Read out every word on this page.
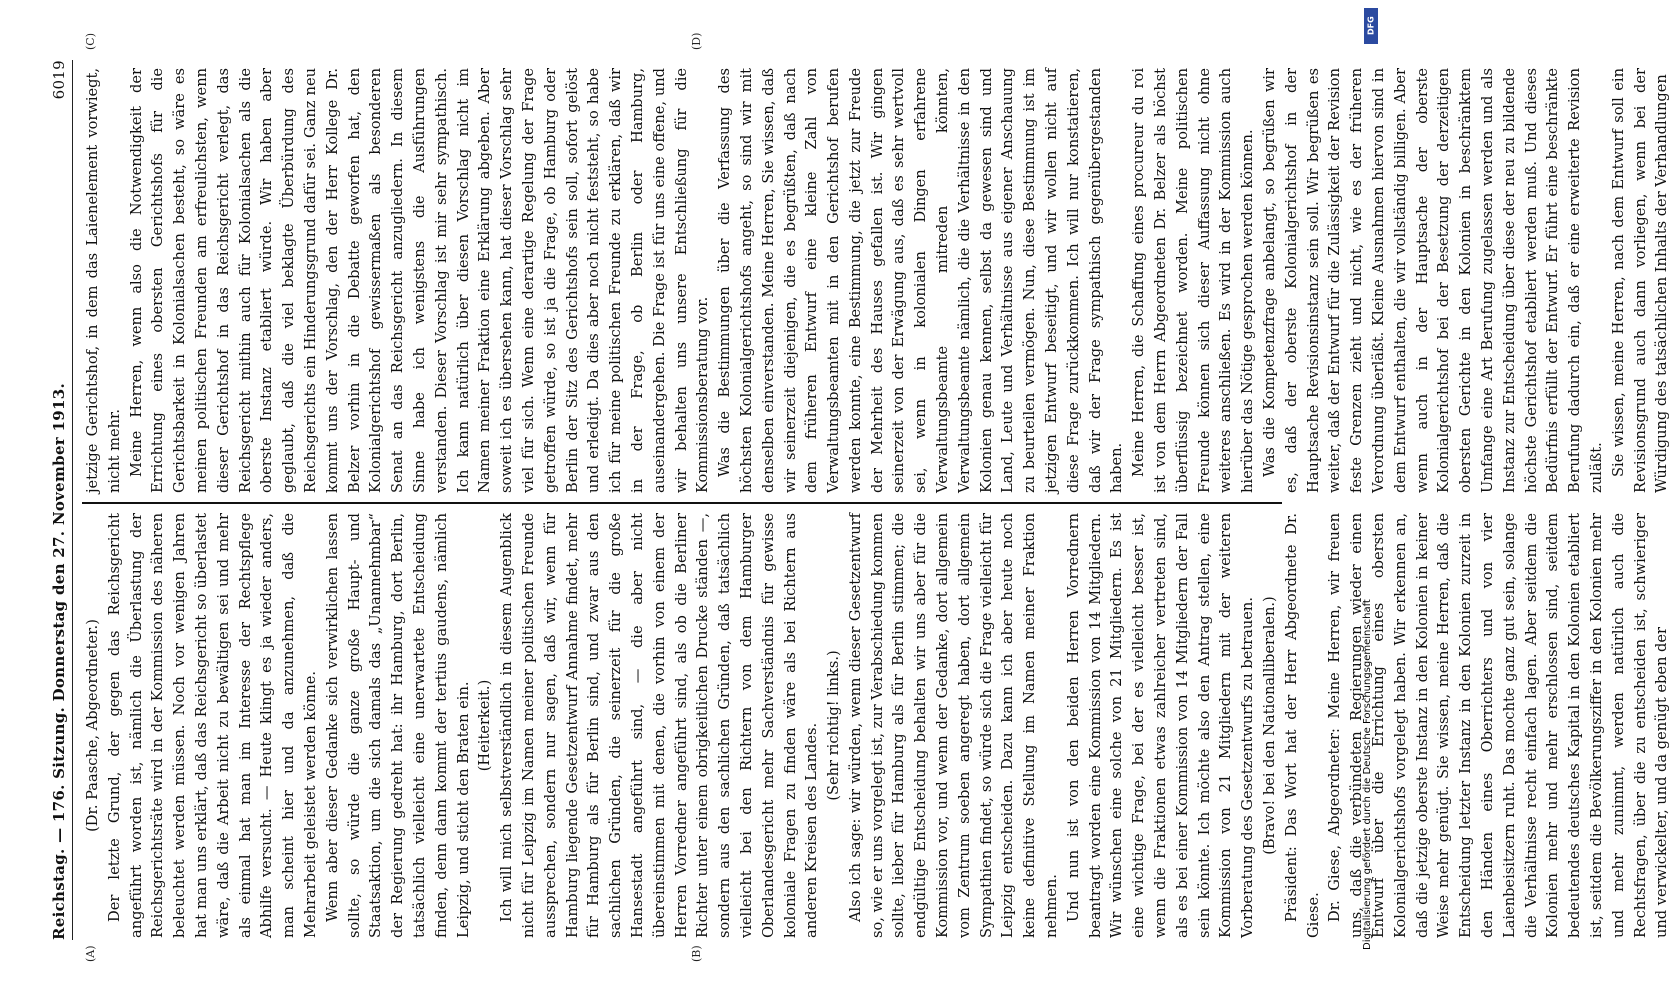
Reichstag. — 176. Sitzung. Donnerstag den 27. November 1913.
6019
(A)	(B)
(C)	(D)

(Dr. Paasche, Abgeordneter.) Der letzte Grund, der gegen das Reichsgericht angeführt worden ist, nämlich die Überlastung der Reichsgerichtsräte wird in der Kommission des näheren beleuchtet werden müssen. Noch vor wenigen Jahren hat man uns erklärt, daß das Reichsgericht so überlastet wäre, daß die Arbeit nicht zu bewältigen sei und mehr als einmal hat man im Interesse der Rechtspflege Abhilfe versucht. — Heute klingt es ja wieder anders, man scheint hier und da anzunehmen, daß die Mehrarbeit geleistet werden könne. Wenn aber dieser Gedanke sich verwirklichen lassen sollte, so würde die ganze große Haupt- und Staatsaktion, um die sich damals das „Unannehmbar“ der Regierung gedreht hat: ihr Hamburg, dort Berlin, tatsächlich vielleicht eine unerwartete Entscheidung finden, denn dann kommt der tertius gaudens, nämlich Leipzig, und sticht den Braten ein. (Heiterkeit.) Ich will mich selbstverständlich in diesem Augenblick nicht für Leipzig im Namen meiner politischen Freunde aussprechen, sondern nur sagen, daß wir, wenn für Hamburg liegende Gesetzentwurf Annahme findet, mehr für Hamburg als für Berlin sind, und zwar aus den sachlichen Gründen, die seinerzeit für die große Hansestadt angeführt sind, — die aber nicht übereinstimmen mit denen, die vorhin von einem der Herren Vorredner angeführt sind, als ob die Berliner Richter unter einem obrigkeitlichen Drucke ständen —, sondern aus den sachlichen Gründen, daß tatsächlich vielleicht bei den Richtern von dem Hamburger Oberlandesgericht mehr Sachverständnis für gewisse koloniale Fragen zu finden wäre als bei Richtern aus anderen Kreisen des Landes. (Sehr richtig! links.) Also ich sage: wir würden, wenn dieser Gesetzentwurf so, wie er uns vorgelegt ist, zur Verabschiedung kommen sollte, lieber für Hamburg als für Berlin stimmen; die endgültige Entscheidung behalten wir uns aber für die Kommission vor, und wenn der Gedanke, dort allgemein vom Zentrum soeben angeregt haben, dort allgemein Sympathien findet, so würde sich die Frage vielleicht für Leipzig entscheiden. Dazu kann ich aber heute noch keine definitive Stellung im Namen meiner Fraktion nehmen. Und nun ist von den beiden Herren Vorrednern beantragt worden eine Kommission von 14 Mitgliedern. Wir wünschen eine solche von 21 Mitgliedern. Es ist eine wichtige Frage, bei der es vielleicht besser ist, wenn die Fraktionen etwas zahlreicher vertreten sind, als es bei einer Kommission von 14 Mitgliedern der Fall sein könnte. Ich möchte also den Antrag stellen, eine Kommission von 21 Mitgliedern mit der weiteren Vorberatung des Gesetzentwurfs zu betrauen. (Bravo! bei den Nationalliberalen.) Präsident: Das Wort hat der Herr Abgeordnete Dr. Giese. Dr. Giese, Abgeordneter: Meine Herren, wir freuen uns, daß die verbündeten Regierungen wieder einen Entwurf über die Errichtung eines obersten Kolonialgerichtshofs vorgelegt haben. Wir erkennen an, daß die jetzige oberste Instanz in den Kolonien in keiner Weise mehr genügt. Sie wissen, meine Herren, daß die Entscheidung letzter Instanz in den Kolonien zurzeit in den Händen eines Oberrichters und von vier Laienbeisitzern ruht. Das mochte ganz gut sein, solange die Verhältnisse recht einfach lagen. Aber seitdem die Kolonien mehr und mehr erschlossen sind, seitdem bedeutendes deutsches Kapital in den Kolonien etabliert ist, seitdem die Bevölkerungsziffer in den Kolonien mehr und mehr zunimmt, werden natürlich auch die Rechtsfragen, über die zu entscheiden ist, schwieriger und verwickelter, und da genügt eben der

jetzige Gerichtshof, in dem das Laienelement vorwiegt, nicht mehr. Meine Herren, wenn also die Notwendigkeit der Errichtung eines obersten Gerichtshofs für die Gerichtsbarkeit in Kolonialsachen besteht, so wäre es meinen politischen Freunden am erfreulichsten, wenn dieser Gerichtshof in das Reichsgericht verlegt, das Reichsgericht mithin auch für Kolonialsachen als die oberste Instanz etabliert würde. Wir haben aber geglaubt, daß die viel beklagte Überbürdung des Reichsgerichts ein Hinderungsgrund dafür sei. Ganz neu kommt uns der Vorschlag, den der Herr Kollege Dr. Belzer vorhin in die Debatte geworfen hat, den Kolonialgerichtshof gewissermaßen als besonderen Senat an das Reichsgericht anzugliedern. In diesem Sinne habe ich wenigstens die Ausführungen verstanden. Dieser Vorschlag ist mir sehr sympathisch. Ich kann natürlich über diesen Vorschlag nicht im Namen meiner Fraktion eine Erklärung abgeben. Aber soweit ich es übersehen kann, hat dieser Vorschlag sehr viel für sich. Wenn eine derartige Regelung der Frage getroffen würde, so ist ja die Frage, ob Hamburg oder Berlin der Sitz des Gerichtshofs sein soll, sofort gelöst und erledigt. Da dies aber noch nicht feststeht, so habe ich für meine politischen Freunde zu erklären, daß wir in der Frage, ob Berlin oder Hamburg, auseinandergehen. Die Frage ist für uns eine offene, und wir behalten uns unsere Entschließung für die Kommissionsberatung vor. Was die Bestimmungen über die Verfassung des höchsten Kolonialgerichtshofs angeht, so sind wir mit denselben einverstanden. Meine Herren, Sie wissen, daß wir seinerzeit diejenigen, die es begrüßten, daß nach dem früheren Entwurf eine kleine Zahl von Verwaltungsbeamten mit in den Gerichtshof berufen werden konnte, eine Bestimmung, die jetzt zur Freude der Mehrheit des Hauses gefallen ist. Wir gingen seinerzeit von der Erwägung aus, daß es sehr wertvoll sei, wenn in kolonialen Dingen erfahrene Verwaltungsbeamte mitreden könnten, Verwaltungsbeamte nämlich, die die Verhältnisse in den Kolonien genau kennen, selbst da gewesen sind und Land, Leute und Verhältnisse aus eigener Anschauung zu beurteilen vermögen. Nun, diese Bestimmung ist im jetzigen Entwurf beseitigt, und wir wollen nicht auf diese Frage zurückkommen. Ich will nur konstatieren, daß wir der Frage sympathisch gegenübergestanden haben. Meine Herren, die Schaffung eines procureur du roi ist von dem Herrn Abgeordneten Dr. Belzer als höchst überflüssig bezeichnet worden. Meine politischen Freunde können sich dieser Auffassung nicht ohne weiteres anschließen. Es wird in der Kommission auch hierüber das Nötige gesprochen werden können. Was die Kompetenzfrage anbelangt, so begrüßen wir es, daß der oberste Kolonialgerichtshof in der Hauptsache Revisionsinstanz sein soll. Wir begrüßen es weiter, daß der Entwurf für die Zulässigkeit der Revision feste Grenzen zieht und nicht, wie es der früheren Verordnung überläßt. Kleine Ausnahmen hiervon sind in dem Entwurf enthalten, die wir vollständig billigen. Aber wenn auch in der Hauptsache der oberste Kolonialgerichtshof bei der Besetzung der derzeitigen obersten Gerichte in den Kolonien in beschränktem Umfange eine Art Berufung zugelassen werden und als Instanz zur Entscheidung über diese der neu zu bildende höchste Gerichtshof etabliert werden muß. Und dieses Bedürfnis erfüllt der Entwurf. Er führt eine beschränkte Berufung dadurch ein, daß er eine erweiterte Revision zuläßt. Sie wissen, meine Herren, nach dem Entwurf soll ein Revisionsgrund auch dann vorliegen, wenn bei der Würdigung des tatsächlichen Inhalts der Verhandlungen

DFG
Digitalisierung gefördert durch die Deutsche Forschungsgemeinschaft
